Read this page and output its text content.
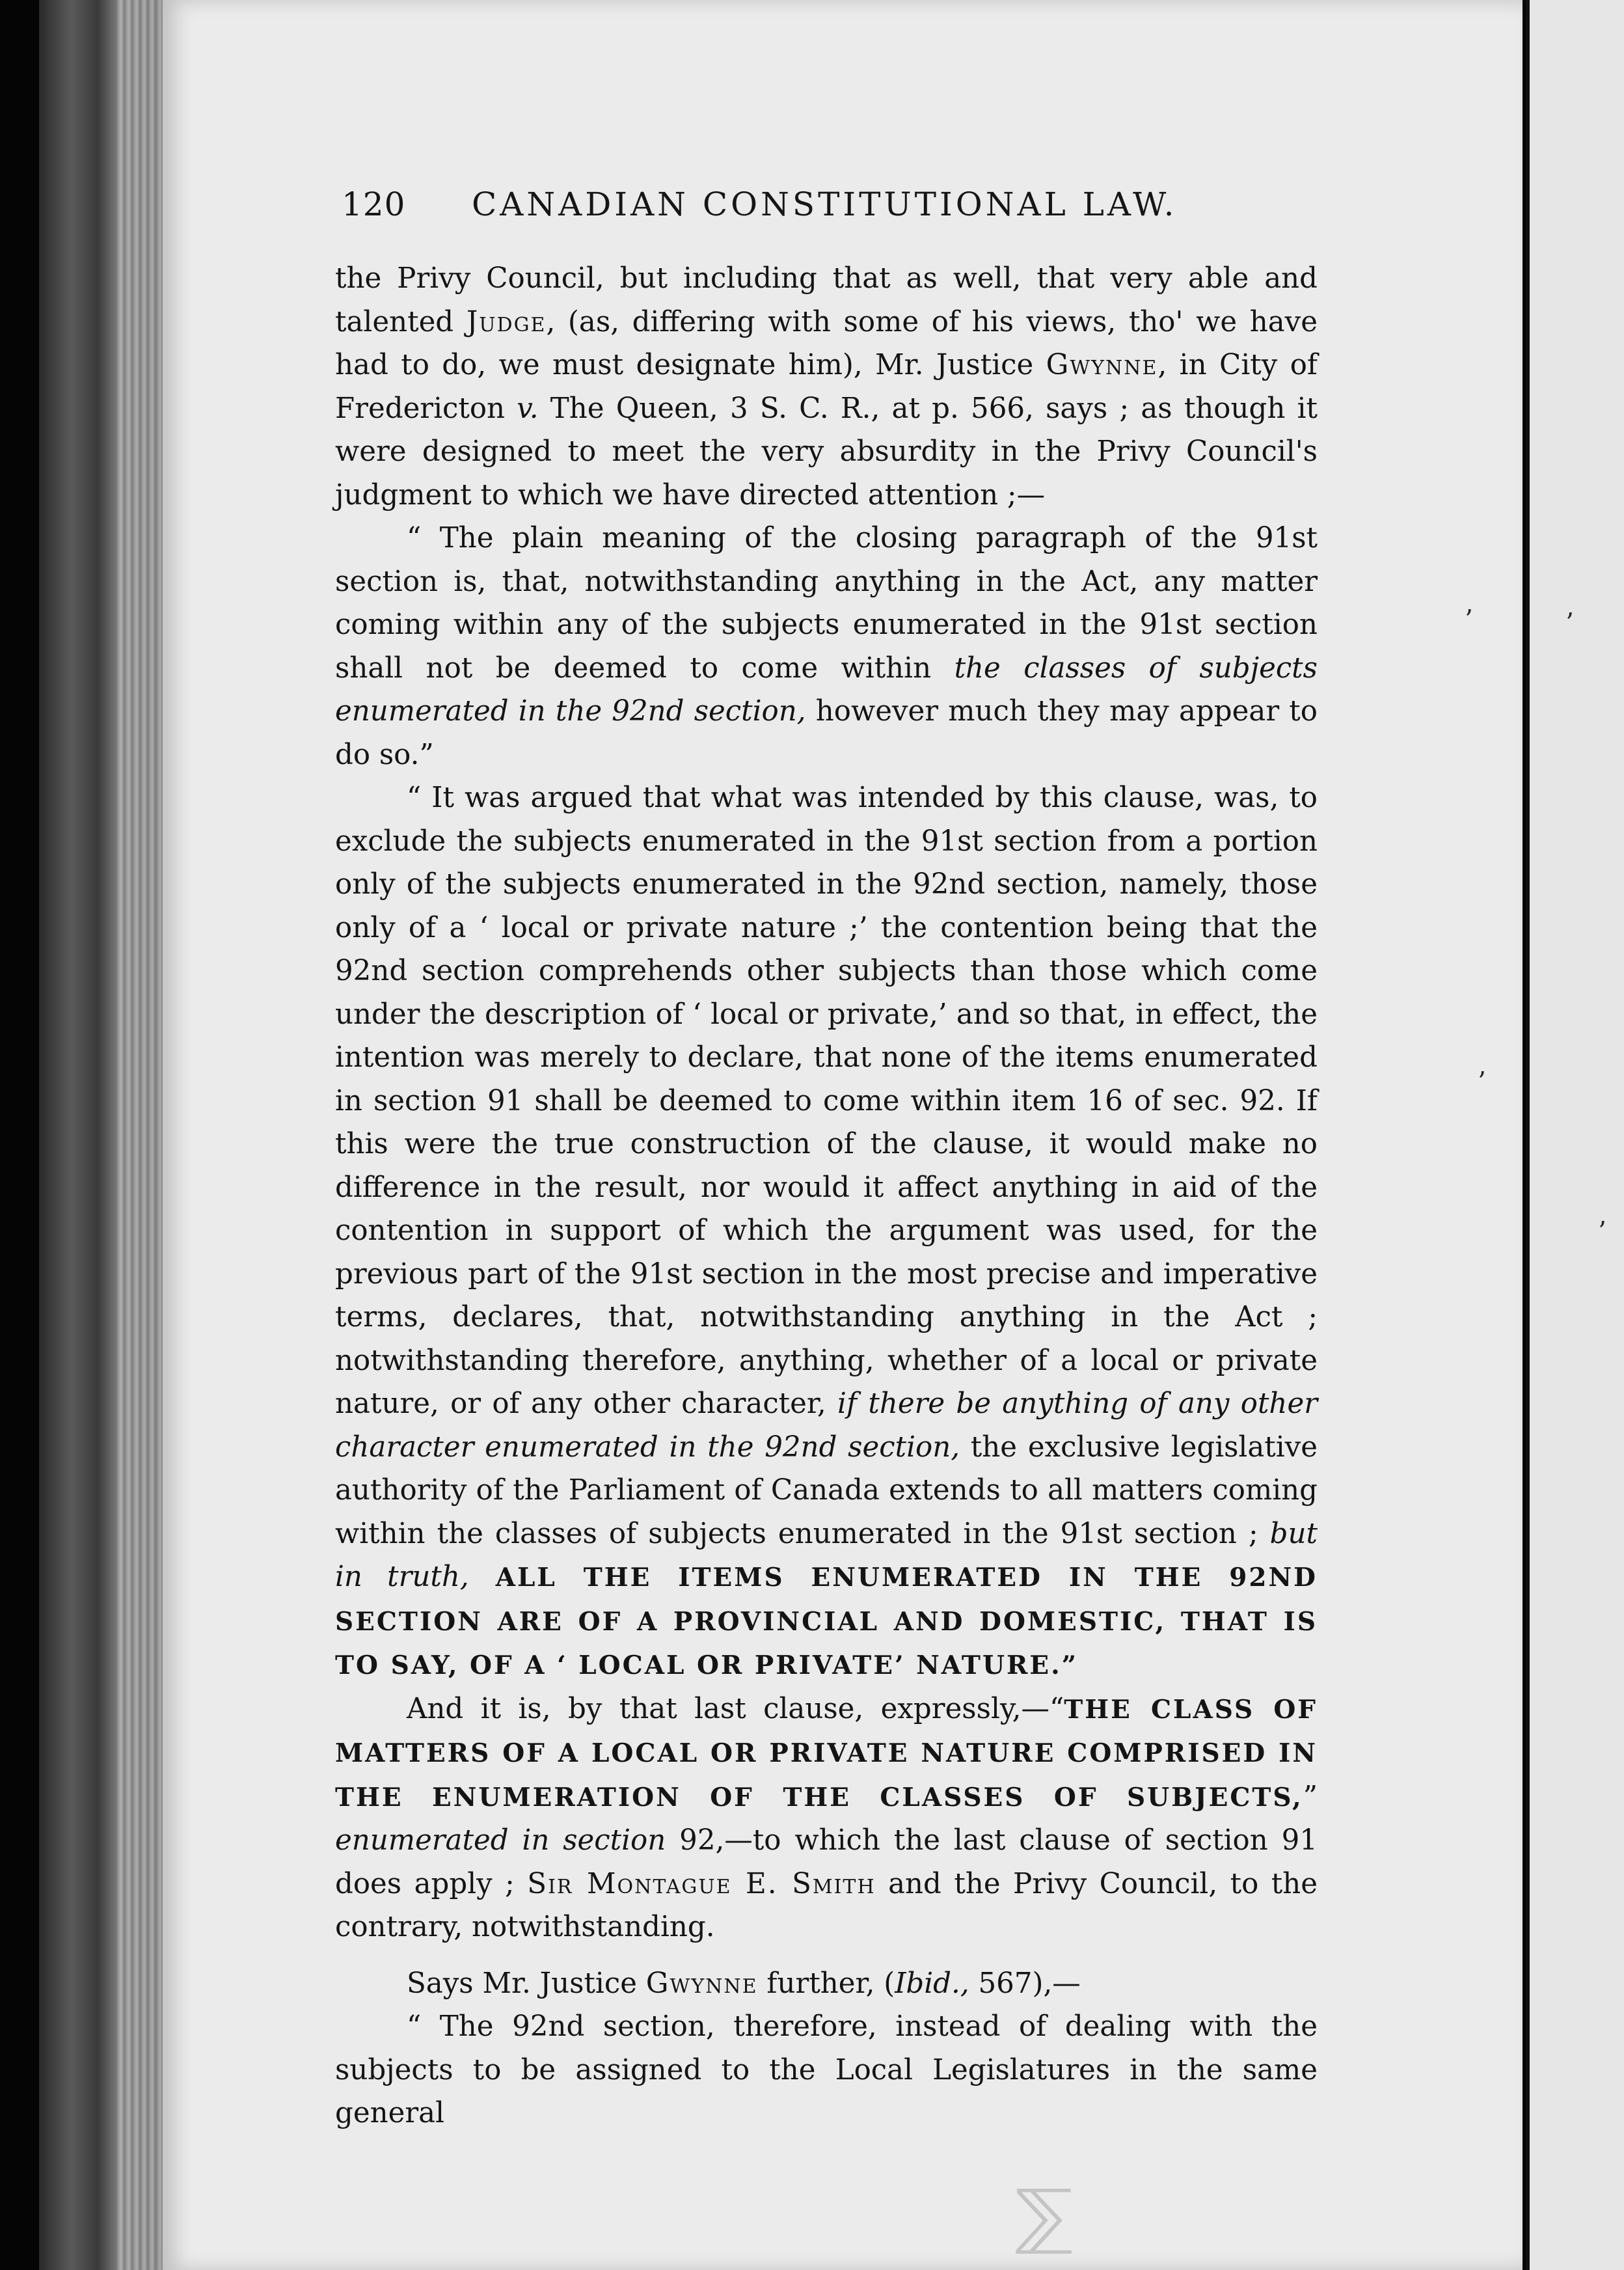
120	CANADIAN CONSTITUTIONAL LAW.

the Privy Council, but including that as well, that very able and talented Judge, (as, differing with some of his views, tho' we have had to do, we must designate him), Mr. Justice Gwynne, in City of Fredericton v. The Queen, 3 S. C. R., at p. 566, says ; as though it were designed to meet the very absurdity in the Privy Council's judgment to which we have directed attention ;—

“ The plain meaning of the closing paragraph of the 91st section is, that, notwithstanding anything in the Act, any matter coming within any of the subjects enumerated in the 91st section shall not be deemed to come within the classes of subjects enumerated in the 92nd section, however much they may appear to do so.”

“ It was argued that what was intended by this clause, was, to exclude the subjects enumerated in the 91st section from a portion only of the subjects enumerated in the 92nd section, namely, those only of a ‘ local or private nature ;’ the contention being that the 92nd section comprehends other subjects than those which come under the description of ‘ local or private,’ and so that, in effect, the intention was merely to declare, that none of the items enumerated in section 91 shall be deemed to come within item 16 of sec. 92. If this were the true construction of the clause, it would make no difference in the result, nor would it affect anything in aid of the contention in support of which the argument was used, for the previous part of the 91st section in the most precise and imperative terms, declares, that, notwithstanding anything in the Act ; notwithstanding therefore, anything, whether of a local or private nature, or of any other character, if there be anything of any other character enumerated in the 92nd section, the exclusive legislative authority of the Parliament of Canada extends to all matters coming within the classes of subjects enumerated in the 91st section ; but in truth, ALL THE ITEMS ENUMERATED IN THE 92ND SECTION ARE OF A PROVINCIAL AND DOMESTIC, THAT IS TO SAY, OF A ‘ LOCAL OR PRIVATE’ NATURE.”

And it is, by that last clause, expressly,—“THE CLASS OF MATTERS OF A LOCAL OR PRIVATE NATURE COMPRISED IN THE ENUMERATION OF THE CLASSES OF SUBJECTS,” enumerated in section 92,—to which the last clause of section 91 does apply ; Sir Montague E. Smith and the Privy Council, to the contrary, notwithstanding.

Says Mr. Justice Gwynne further, (Ibid., 567),—

“ The 92nd section, therefore, instead of dealing with the subjects to be assigned to the Local Legislatures in the same general

ʼ	ʼ
ʼ
ʼ
⅀
